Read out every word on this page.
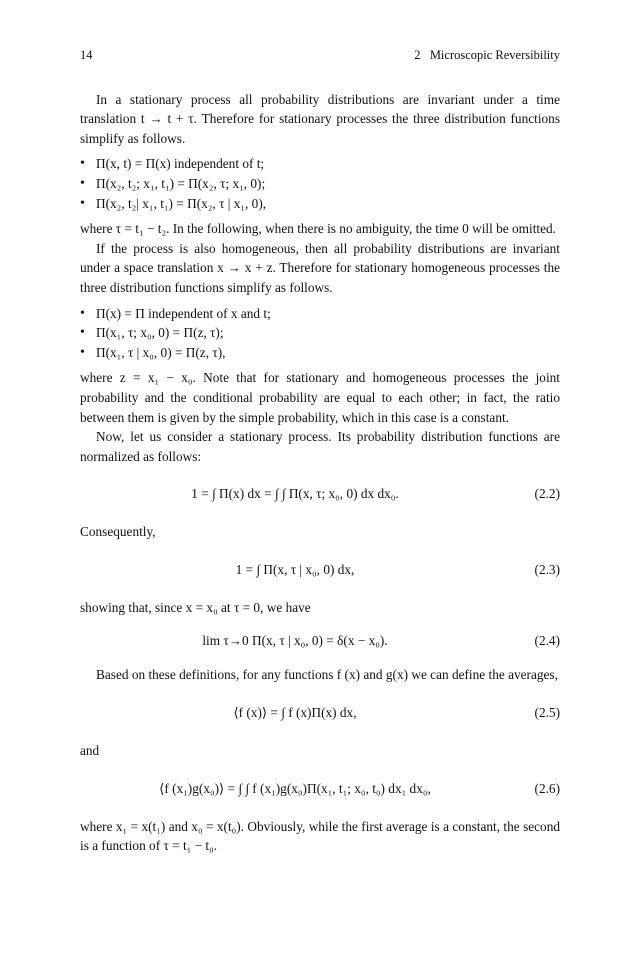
14	2   Microscopic Reversibility

In a stationary process all probability distributions are invariant under a time translation t → t + τ. Therefore for stationary processes the three distribution functions simplify as follows.

• Π(x, t) = Π(x) independent of t;
• Π(x₂, t₂; x₁, t₁) = Π(x₂, τ; x₁, 0);
• Π(x₂, t₂| x₁, t₁) = Π(x₂, τ | x₁, 0),

where τ = t₁ − t₂. In the following, when there is no ambiguity, the time 0 will be omitted.

If the process is also homogeneous, then all probability distributions are invariant under a space translation x → x + z. Therefore for stationary homogeneous processes the three distribution functions simplify as follows.

• Π(x) = Π independent of x and t;
• Π(x₁, τ; x₀, 0) = Π(z, τ);
• Π(x₁, τ | x₀, 0) = Π(z, τ),

where z = x₁ − x₀. Note that for stationary and homogeneous processes the joint probability and the conditional probability are equal to each other; in fact, the ratio between them is given by the simple probability, which in this case is a constant.

Now, let us consider a stationary process. Its probability distribution functions are normalized as follows:

1 = ∫ Π(x) dx = ∫ ∫ Π(x, τ; x₀, 0) dx dx₀.	(2.2)

Consequently,

1 = ∫ Π(x, τ | x₀, 0) dx,	(2.3)

showing that, since x = x₀ at τ = 0, we have

lim τ→0 Π(x, τ | x₀, 0) = δ(x − x₀).	(2.4)

Based on these definitions, for any functions f (x) and g(x) we can define the averages,

⟨f (x)⟩ = ∫ f (x)Π(x) dx,	(2.5)

and

⟨f (x₁)g(x₀)⟩ = ∫ ∫ f (x₁)g(x₀)Π(x₁, t₁; x₀, t₀) dx₁ dx₀,	(2.6)

where x₁ = x(t₁) and x₀ = x(t₀). Obviously, while the first average is a constant, the second is a function of τ = t₁ − t₀.
